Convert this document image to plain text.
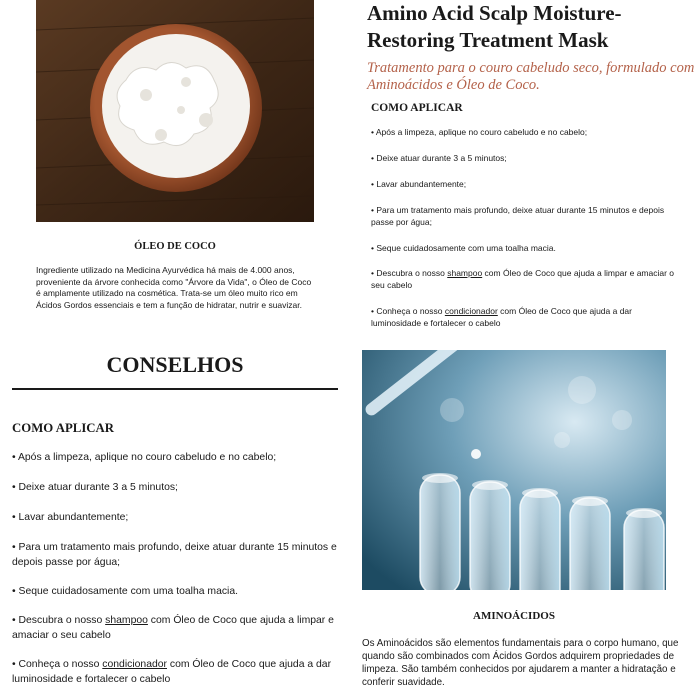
ÓLEO DE COCO
Ingrediente utilizado na Medicina Ayurvédica há mais de 4.000 anos, proveniente da árvore conhecida como "Árvore da Vida", o Óleo de Coco é amplamente utilizado na cosmética. Trata-se um óleo muito rico em Ácidos Gordos essenciais e tem a função de hidratar, nutrir e suavizar.
Amino Acid Scalp Moisture-Restoring Treatment Mask
Tratamento para o couro cabeludo seco, formulado com Aminoácidos e Óleo de Coco.
COMO APLICAR
• Após a limpeza, aplique no couro cabeludo e no cabelo;
• Deixe atuar durante 3 a 5 minutos;
• Lavar abundantemente;
• Para um tratamento mais profundo, deixe atuar durante 15 minutos e depois passe por água;
• Seque cuidadosamente com uma toalha macia.
• Descubra o nosso shampoo com Óleo de Coco que ajuda a limpar e amaciar o seu cabelo
• Conheça o nosso condicionador com Óleo de Coco que ajuda a dar luminosidade e fortalecer o cabelo
CONSELHOS
COMO APLICAR
• Após a limpeza, aplique no couro cabeludo e no cabelo;
• Deixe atuar durante 3 a 5 minutos;
• Lavar abundantemente;
• Para um tratamento mais profundo, deixe atuar durante 15 minutos e depois passe por água;
• Seque cuidadosamente com uma toalha macia.
• Descubra o nosso shampoo com Óleo de Coco que ajuda a limpar e amaciar o seu cabelo
• Conheça o nosso condicionador com Óleo de Coco que ajuda a dar luminosidade e fortalecer o cabelo
AMINOÁCIDOS
Os Aminoácidos são elementos fundamentais para o corpo humano, que quando são combinados com Ácidos Gordos adquirem propriedades de limpeza. São também conhecidos por ajudarem a manter a hidratação e conferir suavidade.
